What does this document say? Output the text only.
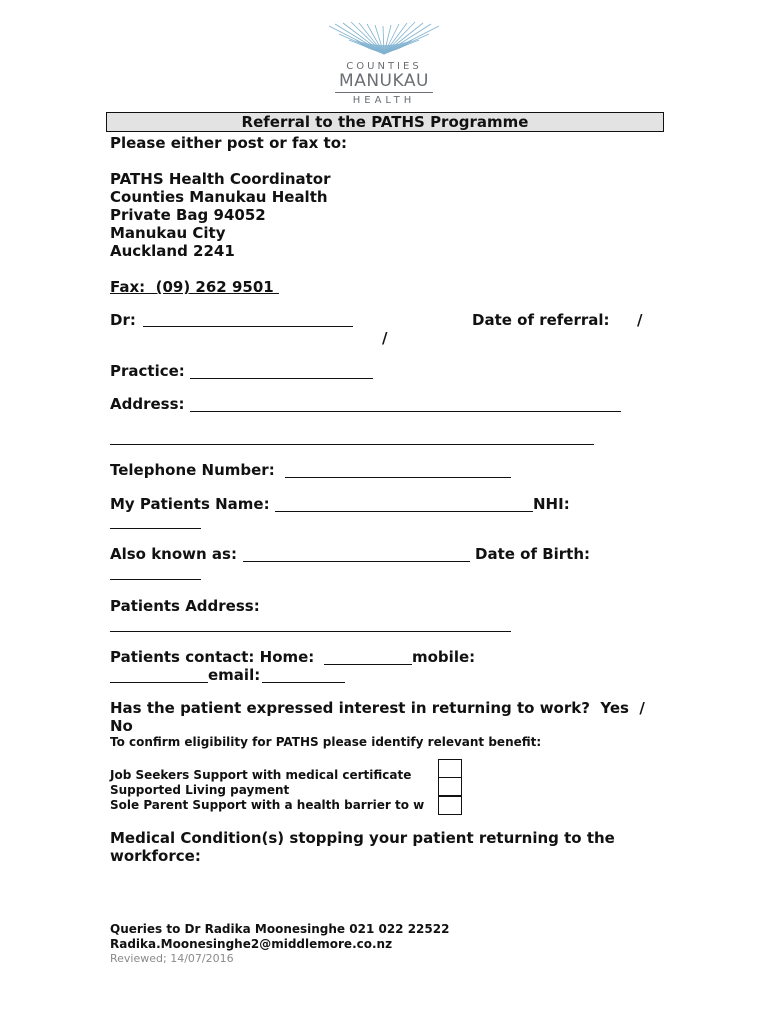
COUNTIES
MANUKAU
HEALTH
Referral to the PATHS Programme
Please either post or fax to:
PATHS Health Coordinator
Counties Manukau Health
Private Bag 94052
Manukau City
Auckland 2241
Fax:  (09) 262 9501
Dr:	Date of referral: /
/
Practice:
Address:
Telephone Number:
My Patients Name:	NHI:
Also known as:	Date of Birth:
Patients Address:
Patients contact: Home:	mobile:
email:
Has the patient expressed interest in returning to work?  Yes  /
No
To confirm eligibility for PATHS please identify relevant benefit:
Job Seekers Support with medical certificate
Supported Living payment
Sole Parent Support with a health barrier to w
Medical Condition(s) stopping your patient returning to the
workforce:
Queries to Dr Radika Moonesinghe 021 022 22522
Radika.Moonesinghe2@middlemore.co.nz
Reviewed; 14/07/2016
